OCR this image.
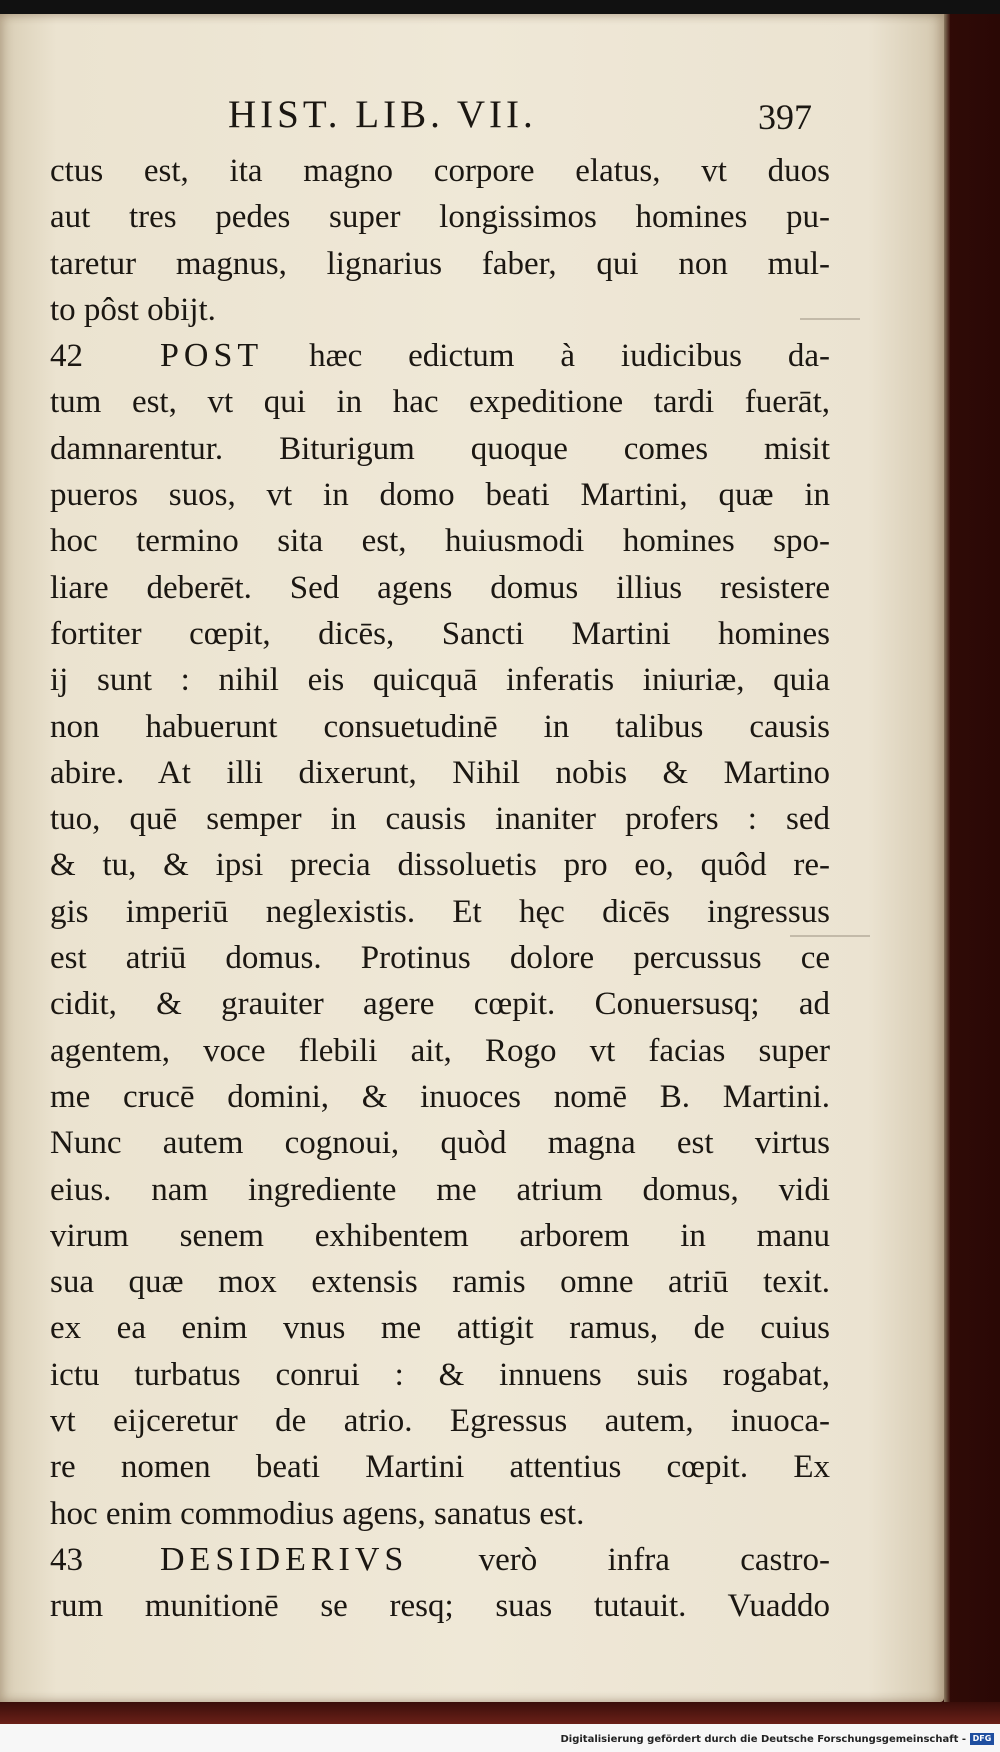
HIST. LIB. VII.	397
ctus est, ita magno corpore elatus, vt duos
aut tres pedes super longissimos homines pu-
taretur magnus, lignarius faber, qui non mul-
to pôst obijt.
42 POST hæc edictum à iudicibus da-
tum est, vt qui in hac expeditione tardi fuerāt,
damnarentur. Biturigum quoque comes misit
pueros suos, vt in domo beati Martini, quæ in
hoc termino sita est, huiusmodi homines spo-
liare deberēt. Sed agens domus illius resistere
fortiter cœpit, dicēs, Sancti Martini homines
ij sunt : nihil eis quicquā inferatis iniuriæ, quia
non habuerunt consuetudinē in talibus causis
abire. At illi dixerunt, Nihil nobis & Martino
tuo, quē semper in causis inaniter profers : sed
& tu, & ipsi precia dissoluetis pro eo, quôd re-
gis imperiū neglexistis. Et hęc dicēs ingressus
est atriū domus. Protinus dolore percussus ce
cidit, & grauiter agere cœpit. Conuersusq; ad
agentem, voce flebili ait, Rogo vt facias super
me crucē domini, & inuoces nomē B. Martini.
Nunc autem cognoui, quòd magna est virtus
eius. nam ingrediente me atrium domus, vidi
virum senem exhibentem arborem in manu
sua quæ mox extensis ramis omne atriū texit.
ex ea enim vnus me attigit ramus, de cuius
ictu turbatus conrui : & innuens suis rogabat,
vt eijceretur de atrio. Egressus autem, inuoca-
re nomen beati Martini attentius cœpit. Ex
hoc enim commodius agens, sanatus est.
43 DESIDERIVS verò infra castro-
rum munitionē se resq; suas tutauit. Vuaddo
Digitalisierung gefördert durch die Deutsche Forschungsgemeinschaft - DFG
